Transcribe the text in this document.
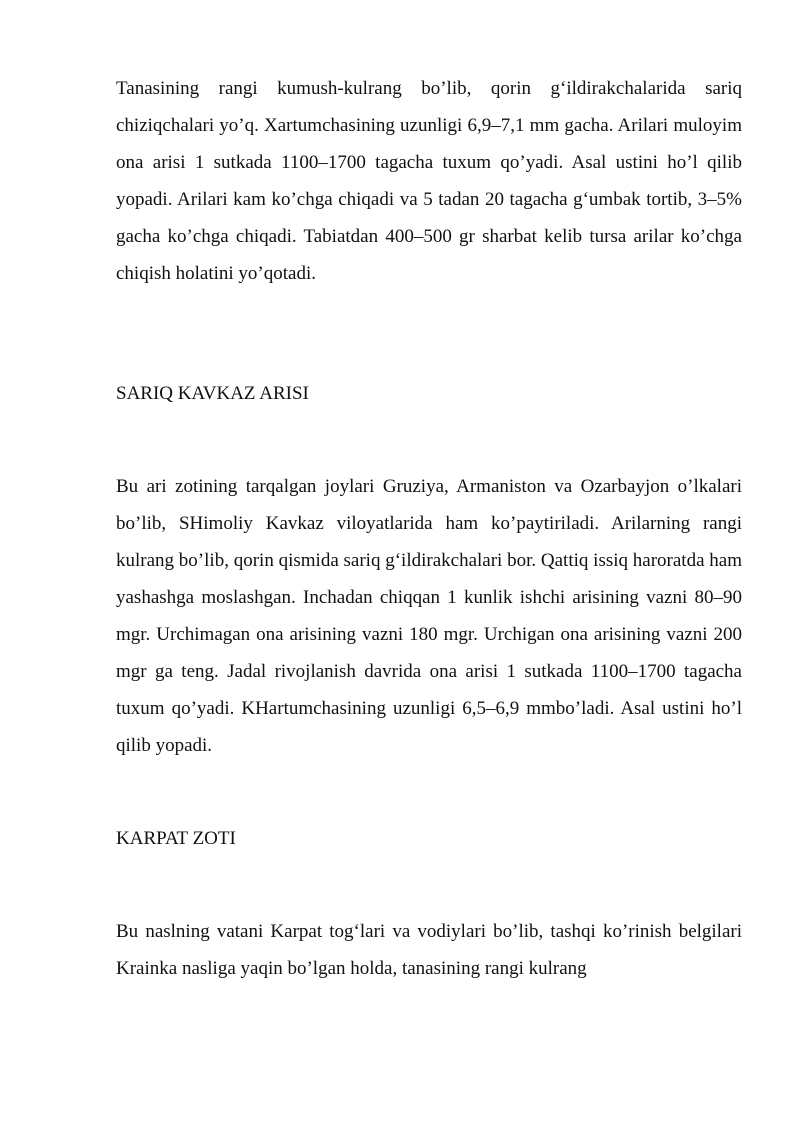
Tanasining rangi kumush-kulrang bo’lib, qorin g‘ildirakchalarida sariq chiziqchalari yo’q. Xartumchasining uzunligi 6,9–7,1 mm gacha. Arilari muloyim ona arisi 1 sutkada 1100–1700 tagacha tuxum qo’yadi. Asal ustini ho’l qilib yopadi. Arilari kam ko’chga chiqadi va 5 tadan 20 tagacha g‘umbak tortib, 3–5% gacha ko’chga chiqadi. Tabiatdan 400–500 gr sharbat kelib tursa arilar ko’chga chiqish holatini yo’qotadi.

SARIQ KAVKAZ ARISI

Bu ari zotining tarqalgan joylari Gruziya, Armaniston va Ozarbayjon o’lkalari bo’lib, SHimoliy Kavkaz viloyatlarida ham ko’paytiriladi. Arilarning rangi kulrang bo’lib, qorin qismida sariq g‘ildirakchalari bor. Qattiq issiq haroratda ham yashashga moslashgan. Inchadan chiqqan 1 kunlik ishchi arisining vazni 80–90 mgr. Urchimagan ona arisining vazni 180 mgr. Urchigan ona arisining vazni 200 mgr ga teng. Jadal rivojlanish davrida ona arisi 1 sutkada 1100–1700 tagacha tuxum qo’yadi. KHartumchasining uzunligi 6,5–6,9 mmbo’ladi. Asal ustini ho’l qilib yopadi.

KARPAT ZOTI

Bu naslning vatani Karpat tog‘lari va vodiylari bo’lib, tashqi ko’rinish belgilari Krainka nasliga yaqin bo’lgan holda, tanasining rangi kulrang
